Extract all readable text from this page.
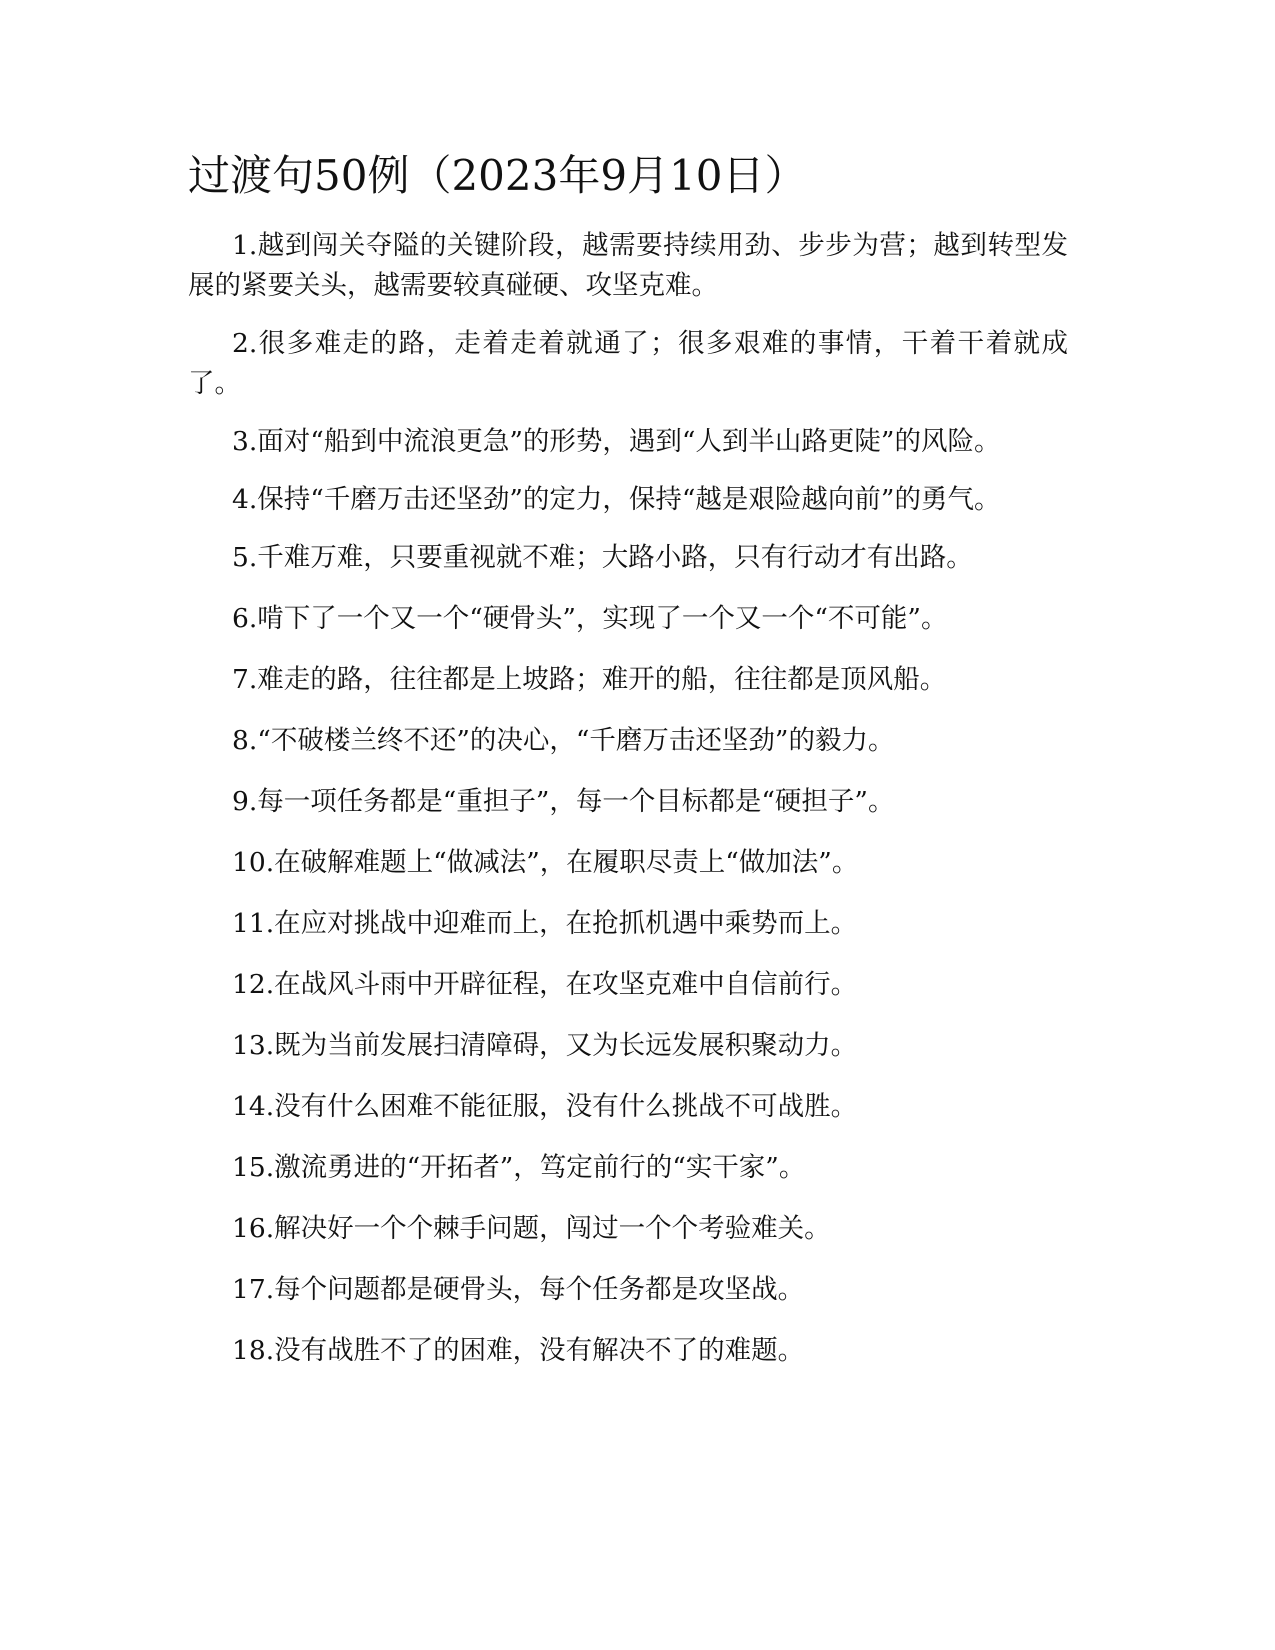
过渡句50例（2023年9月10日）

1.越到闯关夺隘的关键阶段，越需要持续用劲、步步为营；越到转型发展的紧要关头，越需要较真碰硬、攻坚克难。

2.很多难走的路，走着走着就通了；很多艰难的事情，干着干着就成了。

3.面对“船到中流浪更急”的形势，遇到“人到半山路更陡”的风险。

4.保持“千磨万击还坚劲”的定力，保持“越是艰险越向前”的勇气。

5.千难万难，只要重视就不难；大路小路，只有行动才有出路。

6.啃下了一个又一个“硬骨头”，实现了一个又一个“不可能”。

7.难走的路，往往都是上坡路；难开的船，往往都是顶风船。

8.“不破楼兰终不还”的决心，“千磨万击还坚劲”的毅力。

9.每一项任务都是“重担子”，每一个目标都是“硬担子”。

10.在破解难题上“做减法”，在履职尽责上“做加法”。

11.在应对挑战中迎难而上，在抢抓机遇中乘势而上。

12.在战风斗雨中开辟征程，在攻坚克难中自信前行。

13.既为当前发展扫清障碍，又为长远发展积聚动力。

14.没有什么困难不能征服，没有什么挑战不可战胜。

15.激流勇进的“开拓者”，笃定前行的“实干家”。

16.解决好一个个棘手问题，闯过一个个考验难关。

17.每个问题都是硬骨头，每个任务都是攻坚战。

18.没有战胜不了的困难，没有解决不了的难题。
